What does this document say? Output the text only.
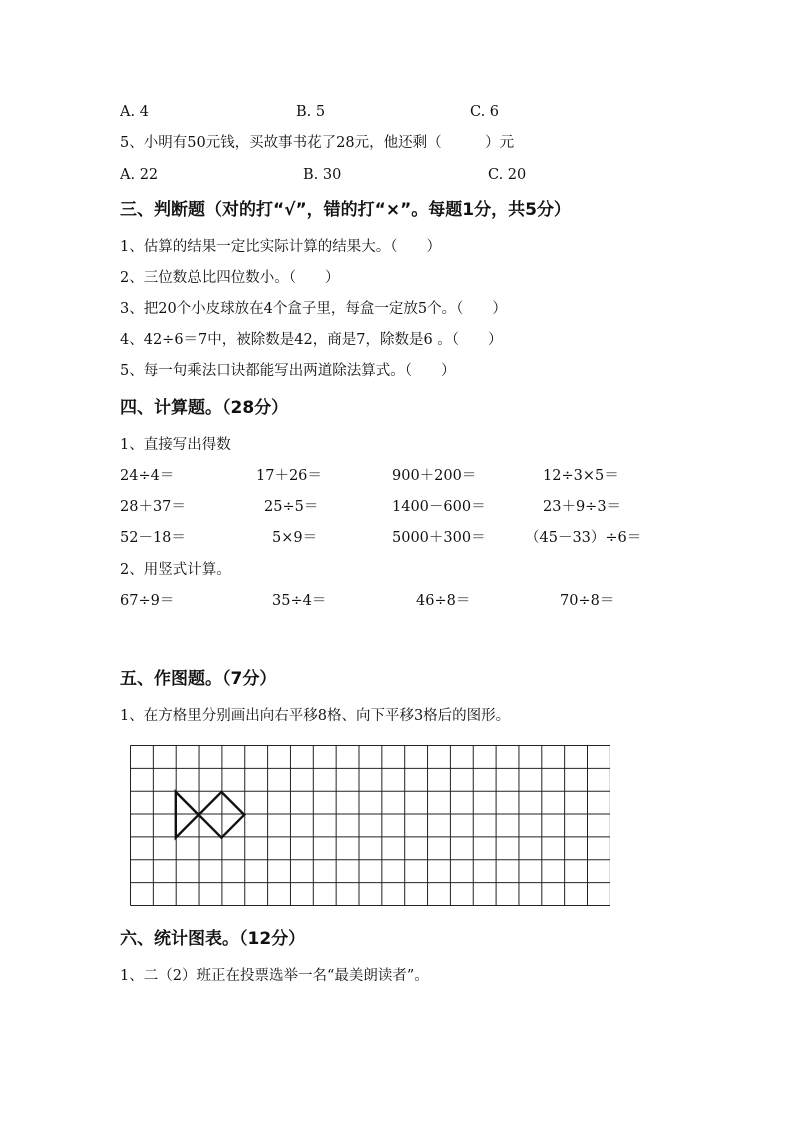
A. 4	B. 5	C. 6
5、小明有50元钱，买故事书花了28元，他还剩（　　　）元
A. 22	B. 30	C. 20
三、判断题（对的打“√”，错的打“×”。每题1分，共5分）
1、估算的结果一定比实际计算的结果大。（　　）
2、三位数总比四位数小。（　　）
3、把20个小皮球放在4个盒子里，每盒一定放5个。（　　）
4、42÷6＝7中，被除数是42，商是7，除数是6 。（　　）
5、每一句乘法口诀都能写出两道除法算式。（　　）
四、计算题。（28分）
1、直接写出得数
24÷4＝	17＋26＝	900＋200＝	12÷3×5＝
28＋37＝	25÷5＝	1400－600＝	23＋9÷3＝
52－18＝	5×9＝	5000＋300＝	（45－33）÷6＝
2、用竖式计算。
67÷9＝	35÷4＝	46÷8＝	70÷8＝
五、作图题。（7分）
1、在方格里分别画出向右平移8格、向下平移3格后的图形。
六、统计图表。（12分）
1、二（2）班正在投票选举一名“最美朗读者”。
